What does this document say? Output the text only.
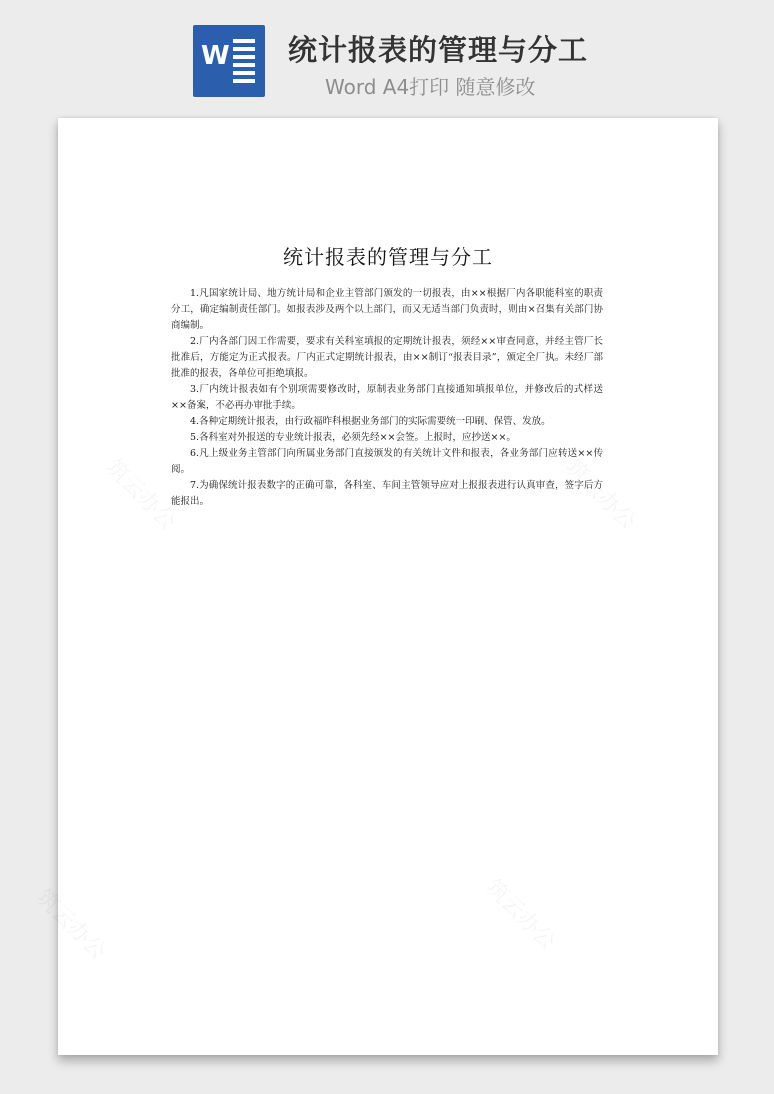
W 统计报表的管理与分工
Word A4打印 随意修改
统计报表的管理与分工

1.凡国家统计局、地方统计局和企业主管部门颁发的一切报表，由××根据厂内各职能科室的职责分工，确定编制责任部门。如报表涉及两个以上部门，而又无适当部门负责时，则由×召集有关部门协商编制。

2.厂内各部门因工作需要，要求有关科室填报的定期统计报表，须经××审查同意，并经主管厂长批准后，方能定为正式报表。厂内正式定期统计报表，由××制订“报表目录”，颁定全厂执。未经厂部批准的报表，各单位可拒绝填报。

3.厂内统计报表如有个别项需要修改时，原制表业务部门直接通知填报单位，并修改后的式样送××备案，不必再办审批手续。

4.各种定期统计报表，由行政福昨科根据业务部门的实际需要统一印刷、保管、发放。

5.各科室对外报送的专业统计报表，必须先经××会签。上报时，应抄送××。

6.凡上级业务主管部门向所属业务部门直接颁发的有关统计文件和报表，各业务部门应转送××传阅。

7.为确保统计报表数字的正确可靠，各科室、车间主管领导应对上报报表进行认真审查，签字后方能报出。
